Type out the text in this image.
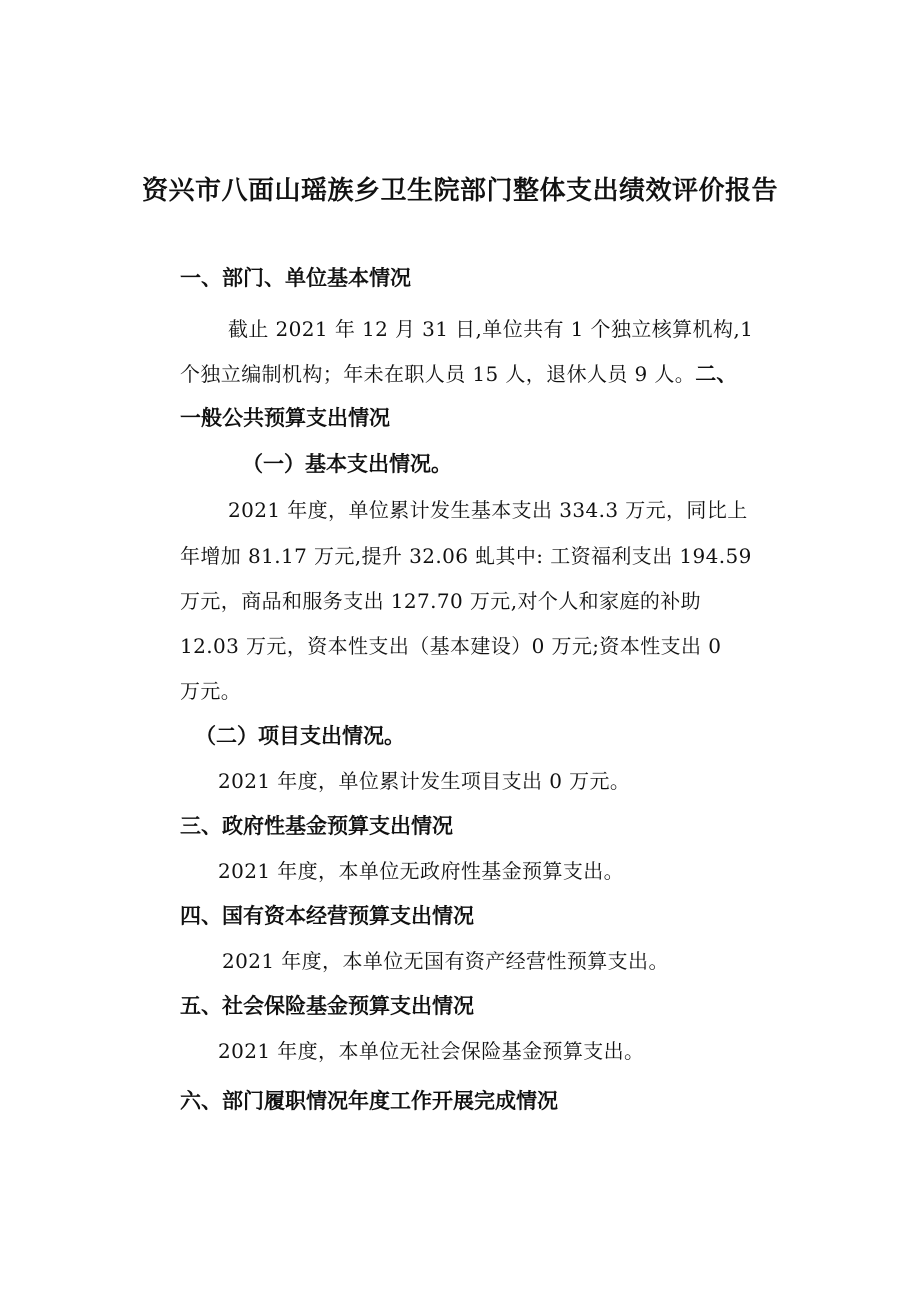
资兴市八面山瑶族乡卫生院部门整体支出绩效评价报告
一、部门、单位基本情况
截止 2021 年 12 月 31 日,单位共有 1 个独立核算机构,1
个独立编制机构；年未在职人员 15 人，退休人员 9 人。二、
一般公共预算支出情况
（一）基本支出情况。
2021 年度，单位累计发生基本支出 334.3 万元，同比上
年增加 81.17 万元,提升 32.06 虬其中: 工资福利支出 194.59
万元，商品和服务支出 127.70 万元,对个人和家庭的补助
12.03 万元，资本性支出（基本建设）0 万元;资本性支出 0
万元。
（二）项目支出情况。
2021 年度，单位累计发生项目支出 0 万元。
三、政府性基金预算支出情况
2021 年度，本单位无政府性基金预算支出。
四、国有资本经营预算支出情况
2021 年度，本单位无国有资产经营性预算支出。
五、社会保险基金预算支出情况
2021 年度，本单位无社会保险基金预算支出。
六、部门履职情况年度工作开展完成情况
